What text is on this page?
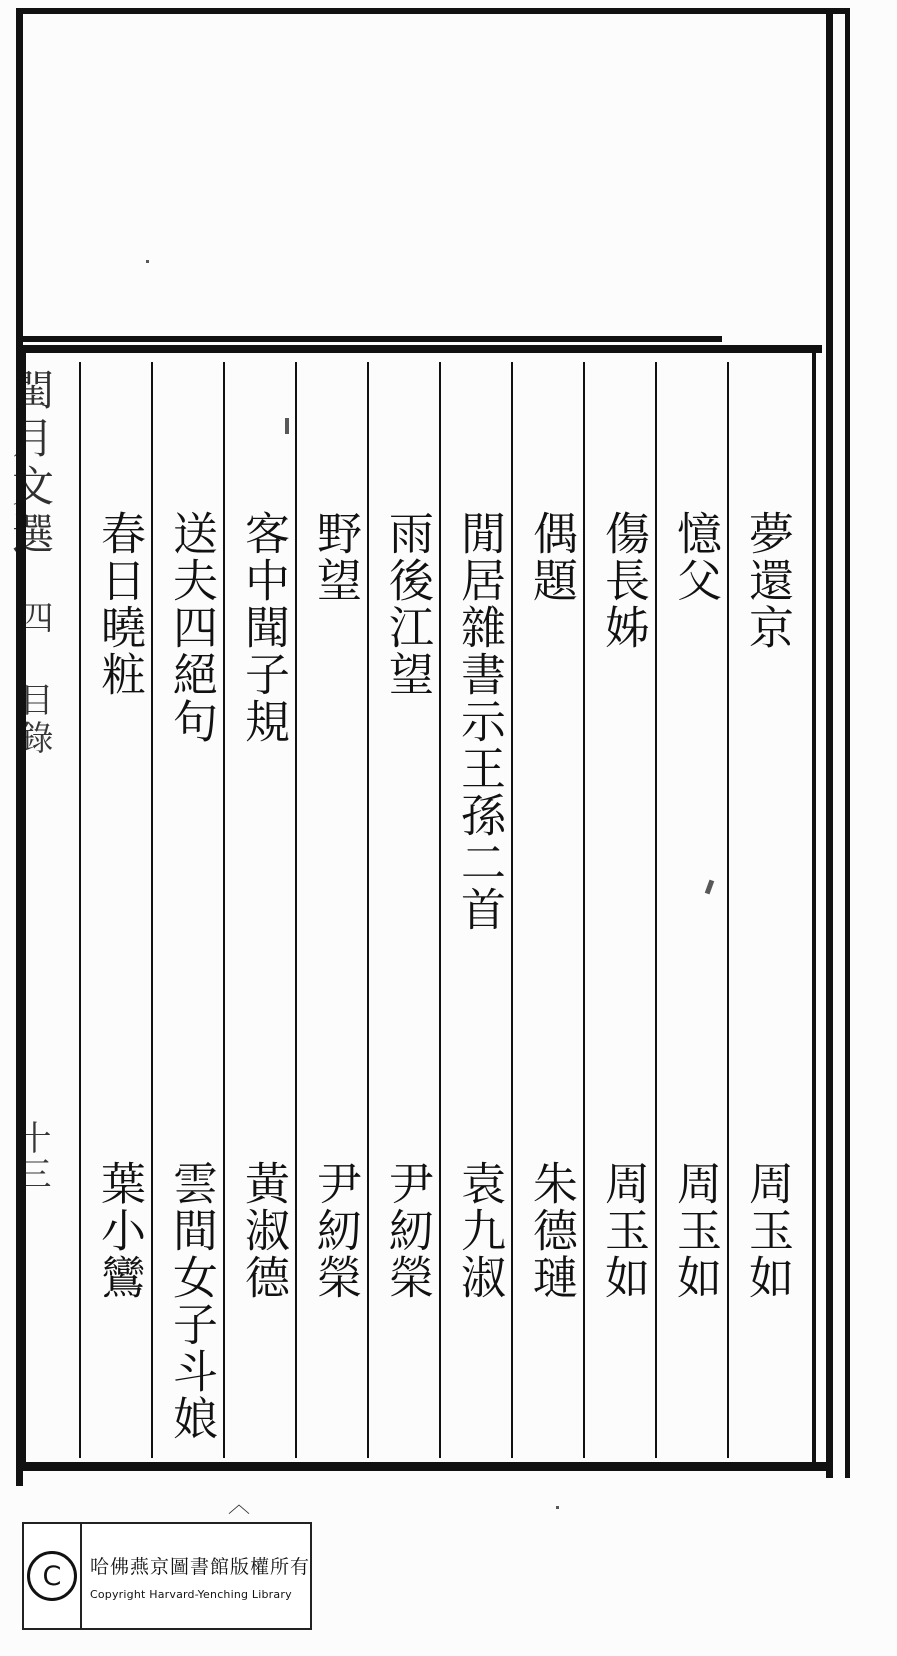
閨月文選
四 目錄
十三
夢還京
周玉如
憶父
周玉如
傷長姊
周玉如
偶題
朱德璉
閒居雜書示王孫二首
袁九淑
雨後江望
尹紉榮
野望
尹紉榮
客中聞子規
黃淑德
送夫四絕句
雲間女子斗娘
春日曉粧
葉小鸞
︿
C	哈佛燕京圖書館版權所有
Copyright Harvard-Yenching Library
